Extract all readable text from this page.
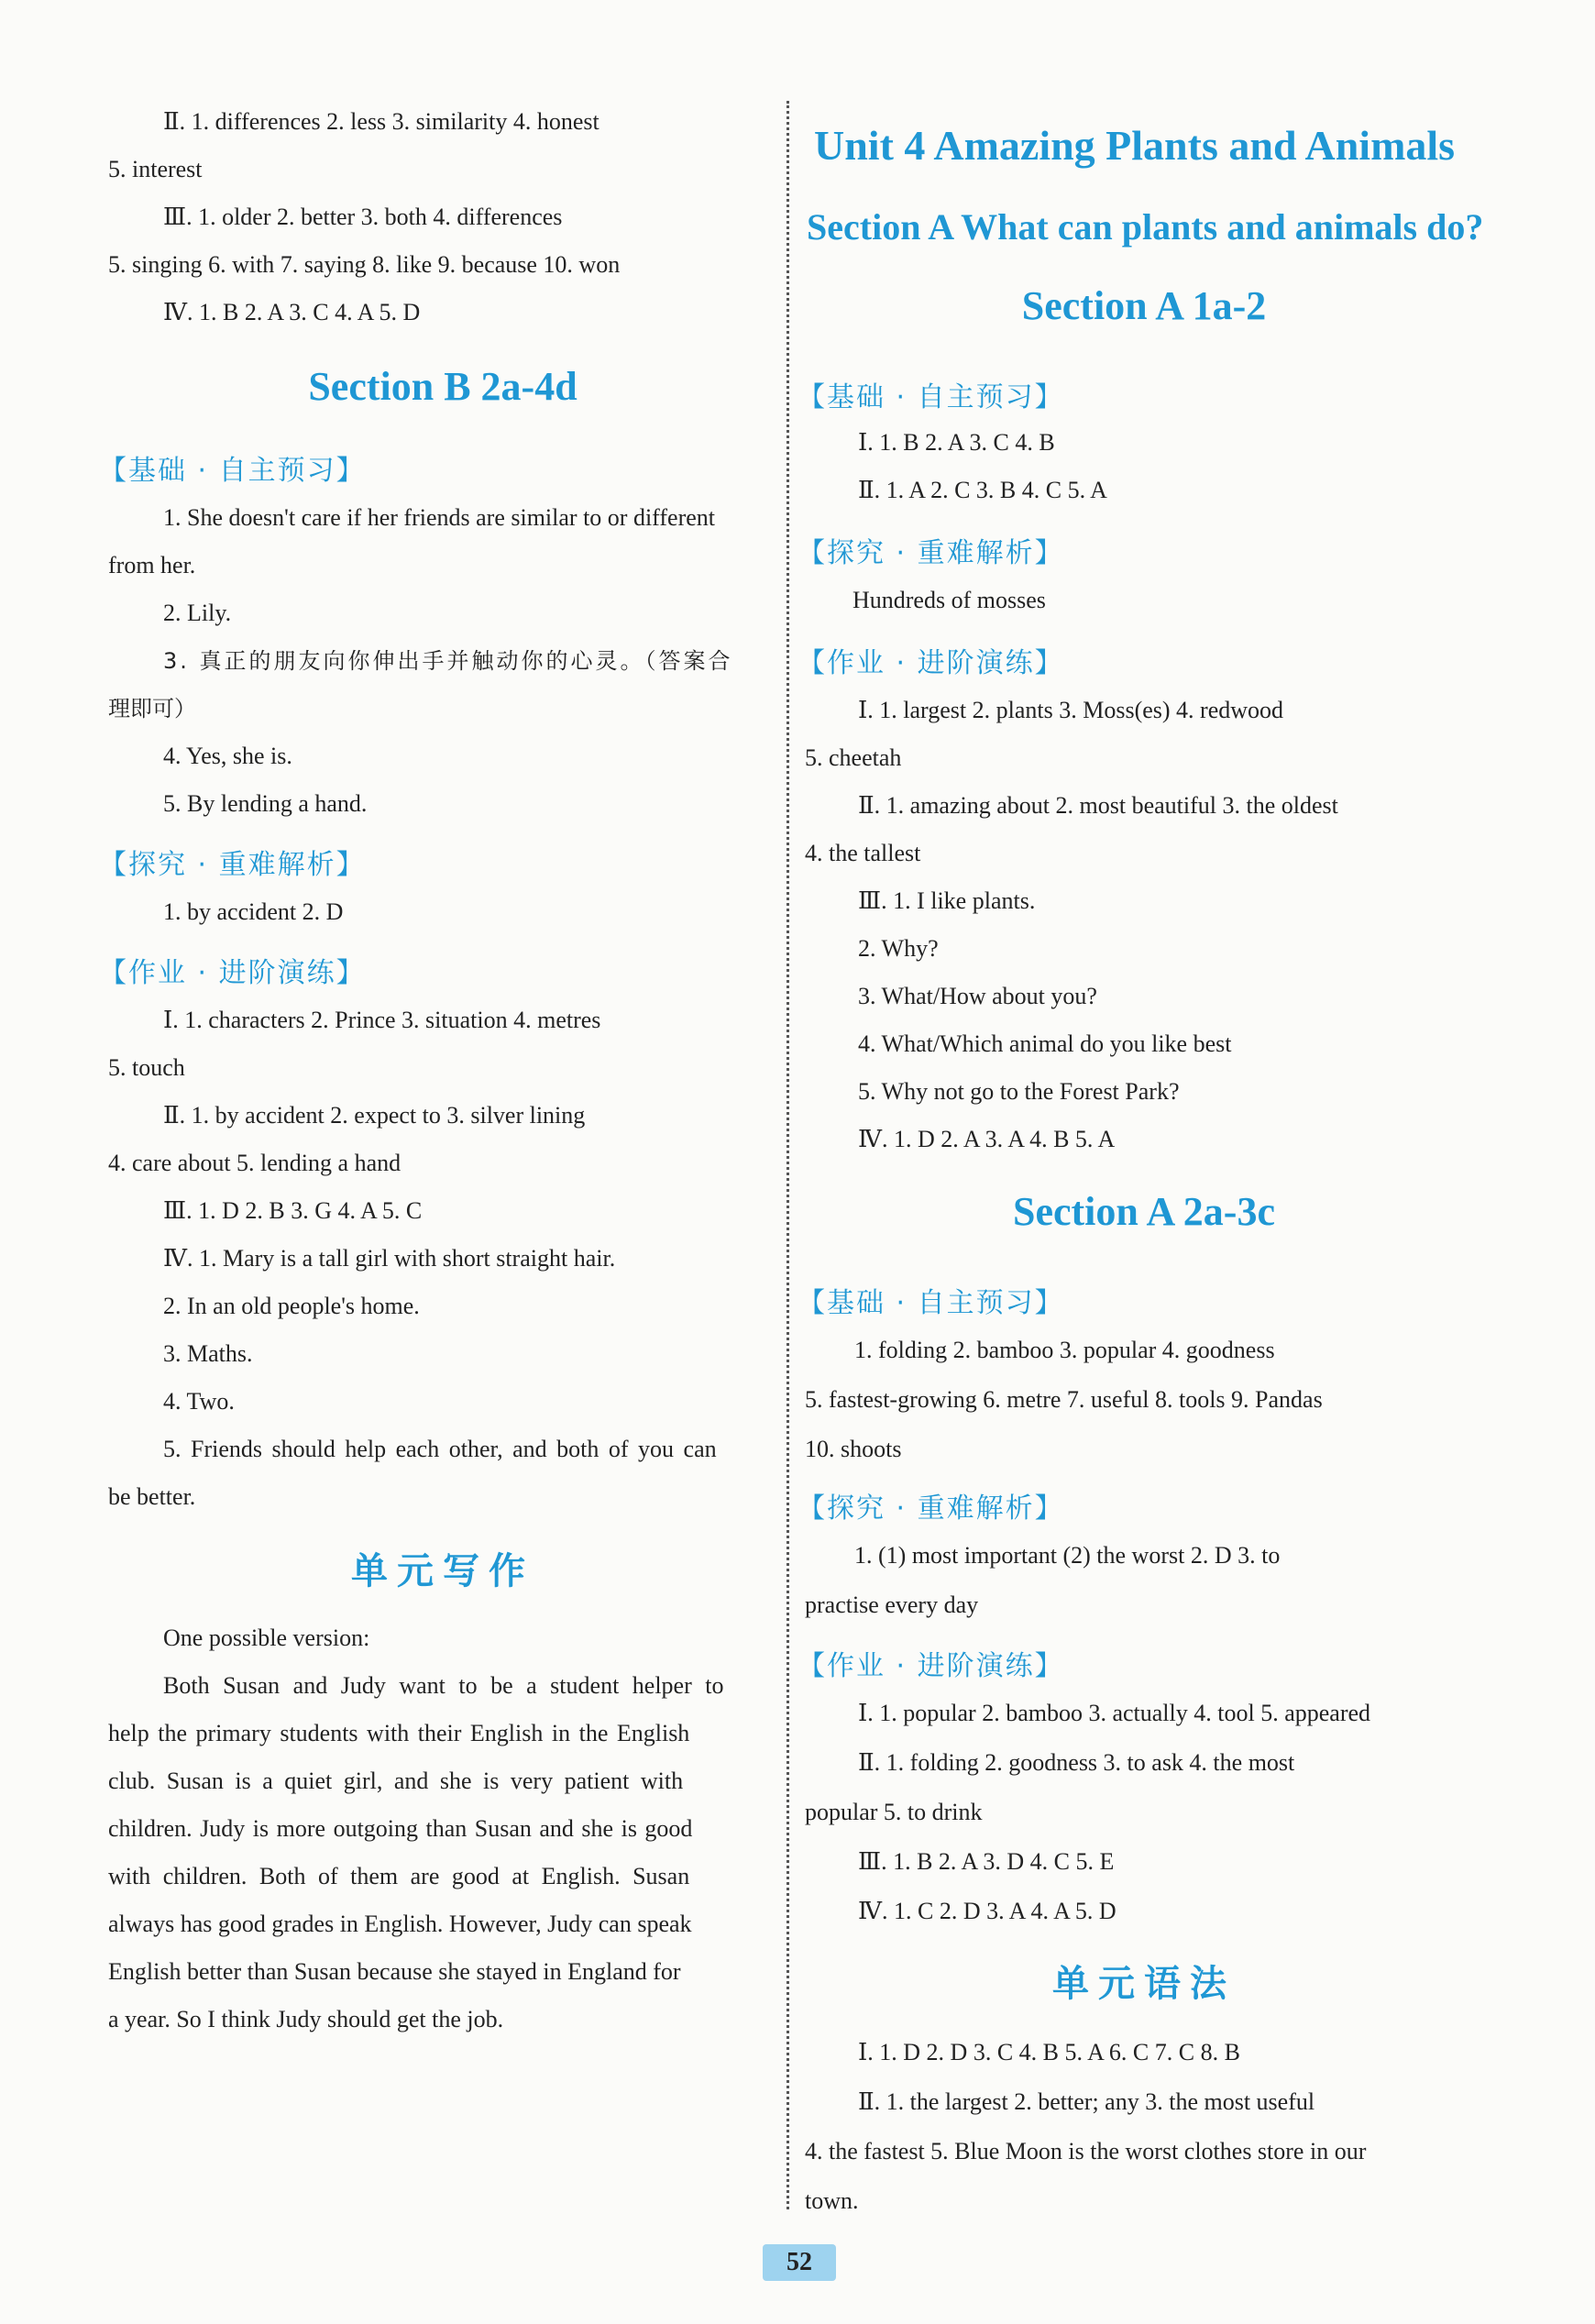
Ⅱ. 1. differences 2. less 3. similarity 4. honest
5. interest
Ⅲ. 1. older 2. better 3. both 4. differences
5. singing 6. with 7. saying 8. like 9. because 10. won
Ⅳ. 1. B 2. A 3. C 4. A 5. D
Section B 2a-4d
【基础 · 自主预习】
1. She doesn't care if her friends are similar to or different
from her.
2. Lily.
3. 真正的朋友向你伸出手并触动你的心灵。（答案合
理即可）
4. Yes, she is.
5. By lending a hand.
【探究 · 重难解析】
1. by accident 2. D
【作业 · 进阶演练】
Ⅰ. 1. characters 2. Prince 3. situation 4. metres
5. touch
Ⅱ. 1. by accident 2. expect to 3. silver lining
4. care about 5. lending a hand
Ⅲ. 1. D 2. B 3. G 4. A 5. C
Ⅳ. 1. Mary is a tall girl with short straight hair.
2. In an old people's home.
3. Maths.
4. Two.
5. Friends should help each other, and both of you can
be better.
单元写作
One possible version:
Both Susan and Judy want to be a student helper to
help the primary students with their English in the English
club. Susan is a quiet girl, and she is very patient with
children. Judy is more outgoing than Susan and she is good
with children. Both of them are good at English. Susan
always has good grades in English. However, Judy can speak
English better than Susan because she stayed in England for
a year. So I think Judy should get the job.
Unit 4 Amazing Plants and Animals
Section A What can plants and animals do?
Section A 1a-2
【基础 · 自主预习】
Ⅰ. 1. B 2. A 3. C 4. B
Ⅱ. 1. A 2. C 3. B 4. C 5. A
【探究 · 重难解析】
Hundreds of mosses
【作业 · 进阶演练】
Ⅰ. 1. largest 2. plants 3. Moss(es) 4. redwood
5. cheetah
Ⅱ. 1. amazing about 2. most beautiful 3. the oldest
4. the tallest
Ⅲ. 1. I like plants.
2. Why?
3. What/How about you?
4. What/Which animal do you like best
5. Why not go to the Forest Park?
Ⅳ. 1. D 2. A 3. A 4. B 5. A
Section A 2a-3c
【基础 · 自主预习】
1. folding 2. bamboo 3. popular 4. goodness
5. fastest-growing 6. metre 7. useful 8. tools 9. Pandas
10. shoots
【探究 · 重难解析】
1. (1) most important (2) the worst 2. D 3. to
practise every day
【作业 · 进阶演练】
Ⅰ. 1. popular 2. bamboo 3. actually 4. tool 5. appeared
Ⅱ. 1. folding 2. goodness 3. to ask 4. the most
popular 5. to drink
Ⅲ. 1. B 2. A 3. D 4. C 5. E
Ⅳ. 1. C 2. D 3. A 4. A 5. D
单元语法
Ⅰ. 1. D 2. D 3. C 4. B 5. A 6. C 7. C 8. B
Ⅱ. 1. the largest 2. better; any 3. the most useful
4. the fastest 5. Blue Moon is the worst clothes store in our
town.
52
